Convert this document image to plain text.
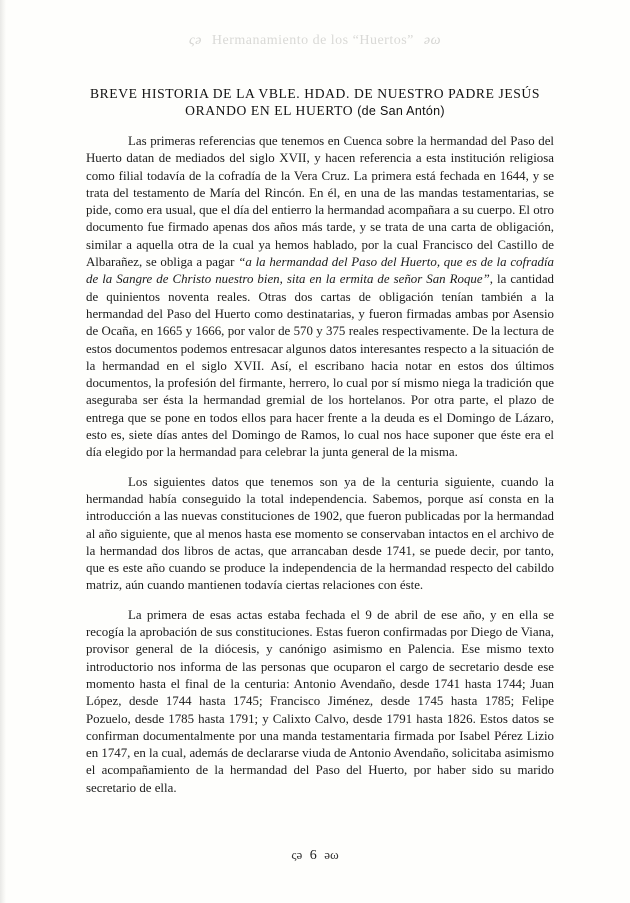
ςə Hermanamiento de los “Huertos” əω
BREVE HISTORIA DE LA VBLE. HDAD. DE NUESTRO PADRE JESÚS
ORANDO EN EL HUERTO (de San Antón)

Las primeras referencias que tenemos en Cuenca sobre la hermandad del Paso del Huerto datan de mediados del siglo XVII, y hacen referencia a esta institución religiosa como filial todavía de la cofradía de la Vera Cruz. La primera está fechada en 1644, y se trata del testamento de María del Rincón. En él, en una de las mandas testamentarias, se pide, como era usual, que el día del entierro la hermandad acompañara a su cuerpo. El otro documento fue firmado apenas dos años más tarde, y se trata de una carta de obligación, similar a aquella otra de la cual ya hemos hablado, por la cual Francisco del Castillo de Albarañez, se obliga a pagar “a la hermandad del Paso del Huerto, que es de la cofradía de la Sangre de Christo nuestro bien, sita en la ermita de señor San Roque”, la cantidad de quinientos noventa reales. Otras dos cartas de obligación tenían también a la hermandad del Paso del Huerto como destinatarias, y fueron firmadas ambas por Asensio de Ocaña, en 1665 y 1666, por valor de 570 y 375 reales respectivamente. De la lectura de estos documentos podemos entresacar algunos datos interesantes respecto a la situación de la hermandad en el siglo XVII. Así, el escribano hacia notar en estos dos últimos documentos, la profesión del firmante, herrero, lo cual por sí mismo niega la tradición que aseguraba ser ésta la hermandad gremial de los hortelanos. Por otra parte, el plazo de entrega que se pone en todos ellos para hacer frente a la deuda es el Domingo de Lázaro, esto es, siete días antes del Domingo de Ramos, lo cual nos hace suponer que éste era el día elegido por la hermandad para celebrar la junta general de la misma.

Los siguientes datos que tenemos son ya de la centuria siguiente, cuando la hermandad había conseguido la total independencia. Sabemos, porque así consta en la introducción a las nuevas constituciones de 1902, que fueron publicadas por la hermandad al año siguiente, que al menos hasta ese momento se conservaban intactos en el archivo de la hermandad dos libros de actas, que arrancaban desde 1741, se puede decir, por tanto, que es este año cuando se produce la independencia de la hermandad respecto del cabildo matriz, aún cuando mantienen todavía ciertas relaciones con éste.

La primera de esas actas estaba fechada el 9 de abril de ese año, y en ella se recogía la aprobación de sus constituciones. Estas fueron confirmadas por Diego de Viana, provisor general de la diócesis, y canónigo asimismo en Palencia. Ese mismo texto introductorio nos informa de las personas que ocuparon el cargo de secretario desde ese momento hasta el final de la centuria: Antonio Avendaño, desde 1741 hasta 1744; Juan López, desde 1744 hasta 1745; Francisco Jiménez, desde 1745 hasta 1785; Felipe Pozuelo, desde 1785 hasta 1791; y Calixto Calvo, desde 1791 hasta 1826. Estos datos se confirman documentalmente por una manda testamentaria firmada por Isabel Pérez Lizio en 1747, en la cual, además de declararse viuda de Antonio Avendaño, solicitaba asimismo el acompañamiento de la hermandad del Paso del Huerto, por haber sido su marido secretario de ella.

ςə 6 əω
